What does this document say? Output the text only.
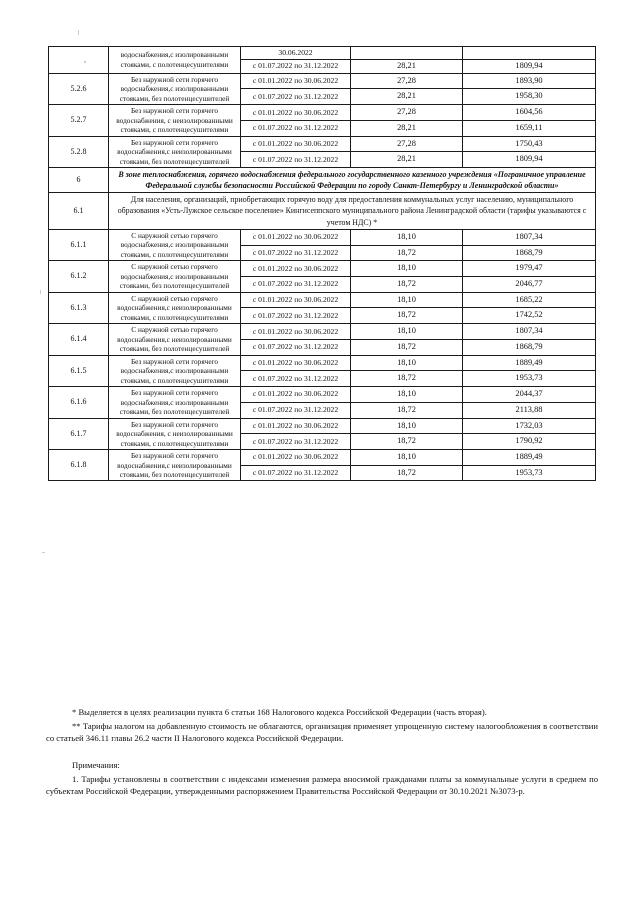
	водоснабжения,с изолированными стояками, с полотенцесушителями	30.06.2022		
		с 01.07.2022 по 31.12.2022	28,21	1809,94
5.2.6	Без наружной сети горячего водоснабжения,с изолированными стояками, без полотенцесушителей	с 01.01.2022 по 30.06.2022	27,28	1893,90
		с 01.07.2022 по 31.12.2022	28,21	1958,30
5.2.7	Без наружной сети горячего водоснабжения, с неизолированными стояками, с полотенцесушителями	с 01.01.2022 по 30.06.2022	27,28	1604,56
		с 01.07.2022 по 31.12.2022	28,21	1659,11
5.2.8	Без наружной сети горячего водоснабжения,с неизолированными стояками, без полотенцесушителей	с 01.01.2022 по 30.06.2022	27,28	1750,43
		с 01.07.2022 по 31.12.2022	28,21	1809,94
6	В зоне теплоснабжения, горячего водоснабжения федерального государственного казенного учреждения «Пограничное управление Федеральной службы безопасности Российской Федерации по городу Санкт-Петербургу и Ленинградской области»			
6.1	Для населения, организаций, приобретающих горячую воду для предоставления коммунальных услуг населению, муниципального образования «Усть-Лужское сельское поселение» Кингисеппского муниципального района Ленинградской области (тарифы указываются с учетом НДС) *			
6.1.1	С наружной сетью горячего водоснабжения,с изолированными стояками, с полотенцесушителями	с 01.01.2022 по 30.06.2022	18,10	1807,34
		с 01.07.2022 по 31.12.2022	18,72	1868,79
6.1.2	С наружной сетью горячего водоснабжения,с изолированными стояками, без полотенцесушителей	с 01.01.2022 по 30.06.2022	18,10	1979,47
		с 01.07.2022 по 31.12.2022	18,72	2046,77
6.1.3	С наружной сетью горячего водоснабжения,с неизолированными стояками, с полотенцесушителями	с 01.01.2022 по 30.06.2022	18,10	1685,22
		с 01.07.2022 по 31.12.2022	18,72	1742,52
6.1.4	С наружной сетью горячего водоснабжения,с неизолированными стояками, без полотенцесушителей	с 01.01.2022 по 30.06.2022	18,10	1807,34
		с 01.07.2022 по 31.12.2022	18,72	1868,79
6.1.5	Без наружной сети горячего водоснабжения,с изолированными стояками, с полотенцесушителями	с 01.01.2022 по 30.06.2022	18,10	1889,49
		с 01.07.2022 по 31.12.2022	18,72	1953,73
6.1.6	Без наружной сети горячего водоснабжения,с изолированными стояками, без полотенцесушителей	с 01.01.2022 по 30.06.2022	18,10	2044,37
		с 01.07.2022 по 31.12.2022	18,72	2113,88
6.1.7	Без наружной сети горячего водоснабжения, с неизолированными стояками, с полотенцесушителями	с 01.01.2022 по 30.06.2022	18,10	1732,03
		с 01.07.2022 по 31.12.2022	18,72	1790,92
6.1.8	Без наружной сети горячего водоснабжения,с неизолированными стояками, без полотенцесушителей	с 01.01.2022 по 30.06.2022	18,10	1889,49
		с 01.07.2022 по 31.12.2022	18,72	1953,73

* Выделяется в целях реализации пункта 6 статьи 168 Налогового кодекса Российской Федерации (часть вторая).

** Тарифы налогом на добавленную стоимость не облагаются, организация применяет упрощенную систему налогообложения в соответствии со статьей 346.11 главы 26.2 части II Налогового кодекса Российской Федерации.

Примечания:

1. Тарифы установлены в соответствии с индексами изменения размера вносимой гражданами платы за коммунальные услуги в среднем по субъектам Российской Федерации, утвержденными распоряжением Правительства Российской Федерации от 30.10.2021 №3073-р.
